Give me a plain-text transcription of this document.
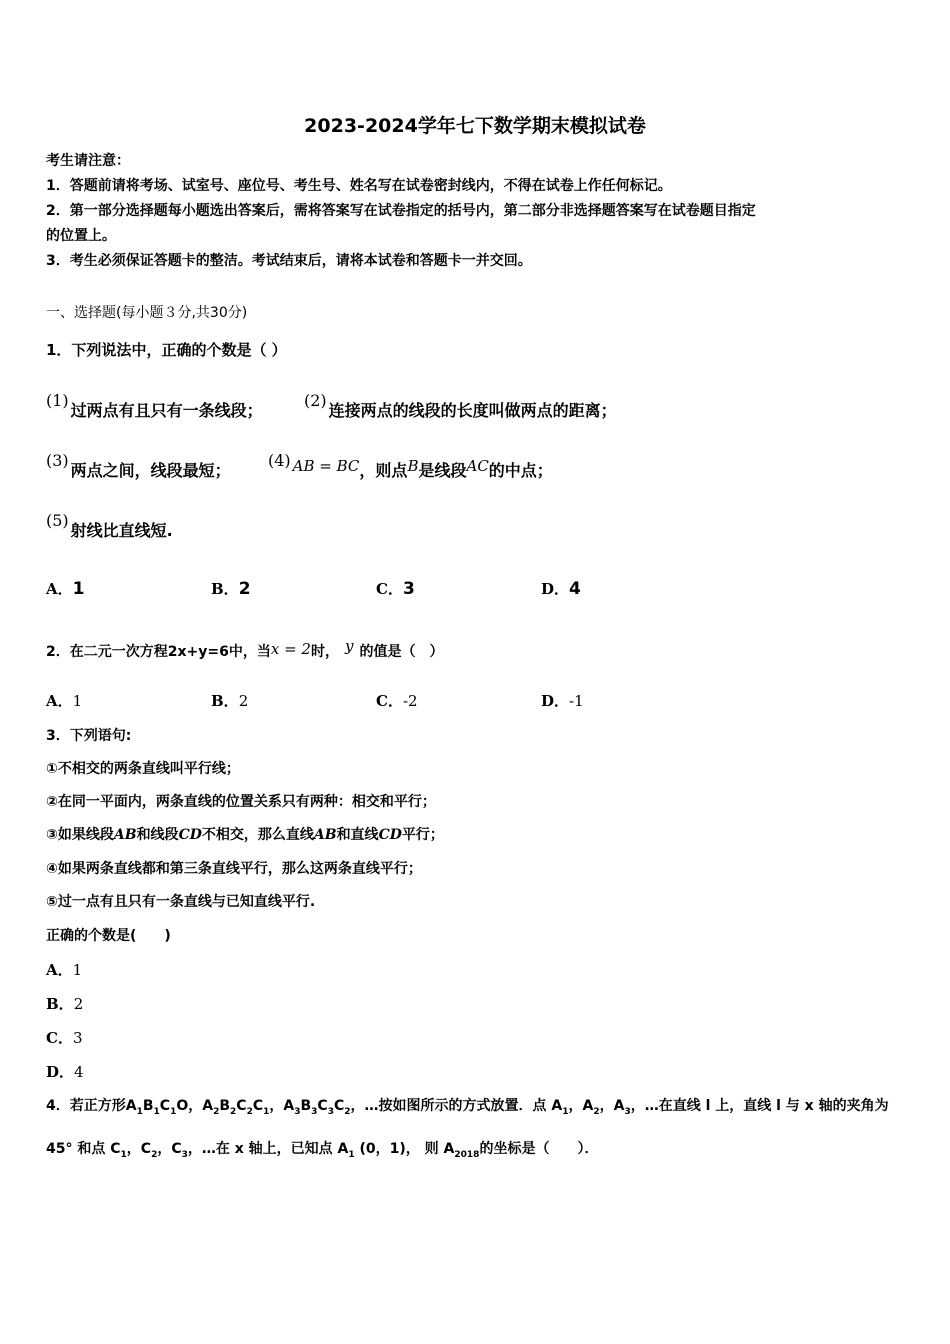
2023-2024学年七下数学期末模拟试卷
考生请注意：
1．答题前请将考场、试室号、座位号、考生号、姓名写在试卷密封线内，不得在试卷上作任何标记。
2．第一部分选择题每小题选出答案后，需将答案写在试卷指定的括号内，第二部分非选择题答案写在试卷题目指定
的位置上。
3．考生必须保证答题卡的整洁。考试结束后，请将本试卷和答题卡一并交回。
一、选择题(每小题３分,共30分)
1．下列说法中，正确的个数是（ ）
(1)过两点有且只有一条线段；
(2)连接两点的线段的长度叫做两点的距离；
(3)两点之间，线段最短；
(4) AB = BC，则点B是线段AC的中点；
(5)射线比直线短.
A．1	B．2	C．3	D．4
2．在二元一次方程2x+y=6中，当x = 2时， y 的值是（　）
A．1	B．2	C．-2	D．-1
3．下列语句:
①不相交的两条直线叫平行线；
②在同一平面内，两条直线的位置关系只有两种：相交和平行；
③如果线段AB和线段CD不相交，那么直线AB和直线CD平行；
④如果两条直线都和第三条直线平行，那么这两条直线平行；
⑤过一点有且只有一条直线与已知直线平行.
正确的个数是(　　)
A．1
B．2
C．3
D．4
4．若正方形$A_1B_1C_1O$，$A_2B_2C_2C_1$，$A_3B_3C_3C_2$，…按如图所示的方式放置．点 $A_1$，$A_2$，$A_3$，…在直线 l 上，直线 l 与 x 轴的夹角为 45° 和点 $C_1$，$C_2$，$C_3$，…在 x 轴上，已知点 $A_1$ (0，1)， 则 $A_{2018}$的坐标是（　　）．
